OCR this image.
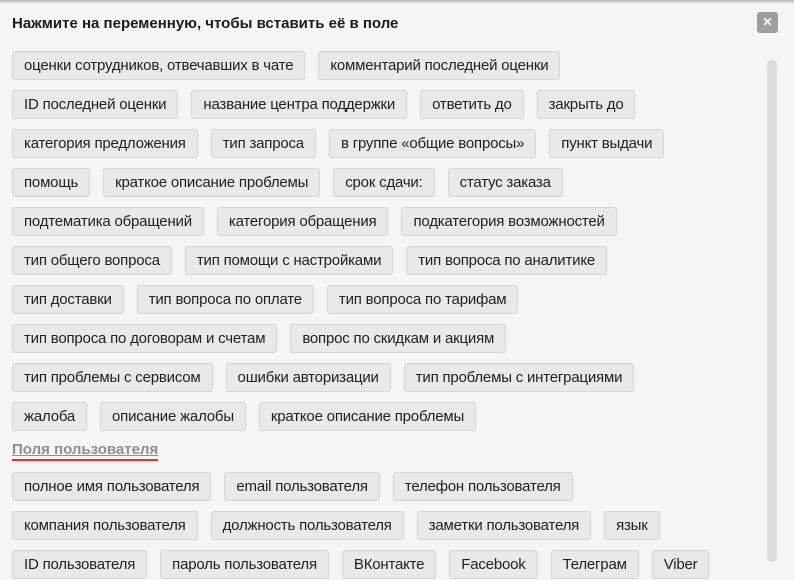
Нажмите на переменную, чтобы вставить её в поле	✕
оценки сотрудников, отвечавших в чате	комментарий последней оценки
ID последней оценки	название центра поддержки	ответить до	закрыть до
категория предложения	тип запроса	в группе «общие вопросы»	пункт выдачи
помощь	краткое описание проблемы	срок сдачи:	статус заказа
подтематика обращений	категория обращения	подкатегория возможностей
тип общего вопроса	тип помощи с настройками	тип вопроса по аналитике
тип доставки	тип вопроса по оплате	тип вопроса по тарифам
тип вопроса по договорам и счетам	вопрос по скидкам и акциям
тип проблемы с сервисом	ошибки авторизации	тип проблемы с интеграциями
жалоба	описание жалобы	краткое описание проблемы
Поля пользователя
полное имя пользователя	email пользователя	телефон пользователя
компания пользователя	должность пользователя	заметки пользователя	язык
ID пользователя	пароль пользователя	ВКонтакте	Facebook	Телеграм	Viber
